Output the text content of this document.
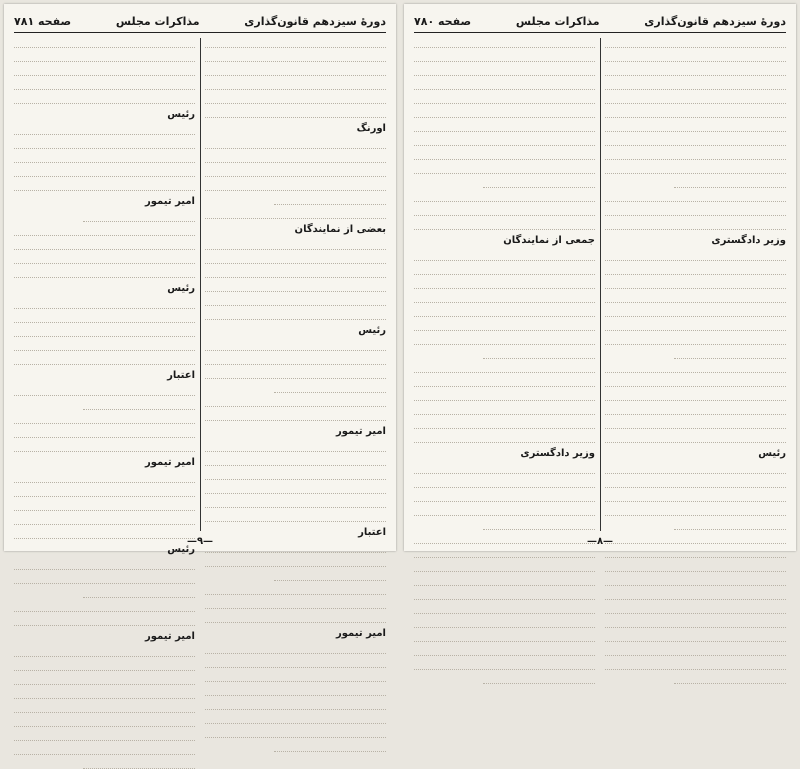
دورهٔ سیزدهم قانون‌گذاری
مذاکرات مجلس
صفحه ۷۸۱
اورنگ
بعضی از نمایندگان
رئیس
امیر تیمور
اعتبار
امیر تیمور
رئیس
امیر تیمور
رئیس
اعتبار
امیر تیمور
رئیس
امیر تیمور
—۹—
دورهٔ سیزدهم قانون‌گذاری
مذاکرات مجلس
صفحه ۷۸۰
وزیر دادگستری
رئیس
جمعی از نمایندگان
وزیر دادگستری
—۸—
